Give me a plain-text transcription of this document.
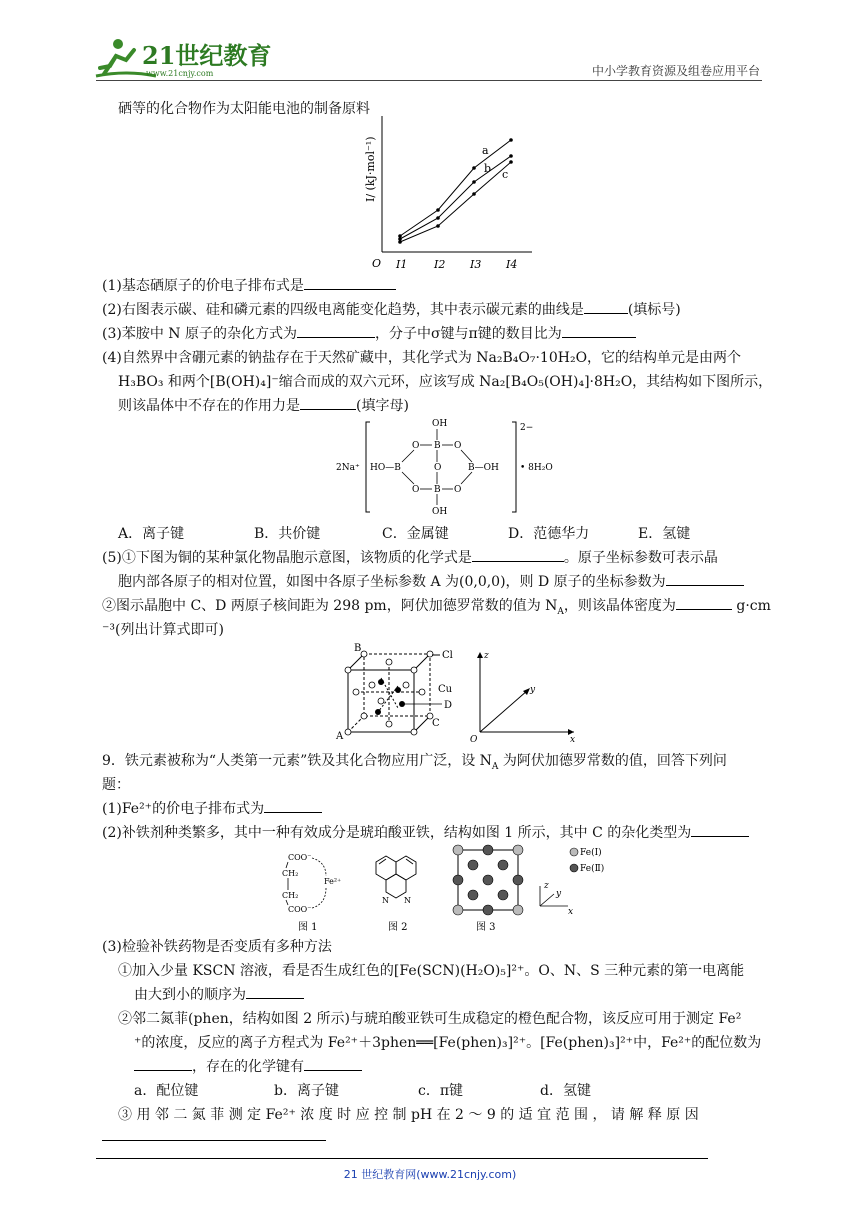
21世纪教育
www.21cnjy.com	中小学教育资源及组卷应用平台
硒等的化合物作为太阳能电池的制备原料
I/ (kJ·mol⁻¹)
O I1 I2 I3 I4
a
b c
(1)基态硒原子的价电子排布式是
(2)右图表示碳、硅和磷元素的四级电离能变化趋势，其中表示碳元素的曲线是	(填标号)
(3)苯胺中 N 原子的杂化方式为	，分子中σ键与π键的数目比为
(4)自然界中含硼元素的钠盐存在于天然矿藏中，其化学式为 Na₂B₄O₇·10H₂O，它的结构单元是由两个
H₃BO₃ 和两个[B(OH)₄]⁻缩合而成的双六元环，应该写成 Na₂[B₄O₅(OH)₄]·8H₂O，其结构如下图所示，
则该晶体中不存在的作用力是	(填字母)
2Na⁺
2−
• 8H₂O
OH
B
O	O
HO—B	O	B—OH
O	O
B
OH
A．离子键	B．共价键	C．金属键	D．范德华力	E．氢键
(5)①下图为铜的某种氯化物晶胞示意图，该物质的化学式是	。原子坐标参数可表示晶
胞内部各原子的相对位置，如图中各原子坐标参数 A 为(0,0,0)，则 D 原子的坐标参数为
②图示晶胞中 C、D 两原子核间距为 298 pm，阿伏加德罗常数的值为 $N_A$，则该晶体密度为	g·cm
⁻³(列出计算式即可)
B
Cl
Cu
D
A
C
z
y
x
O
9．铁元素被称为“人类第一元素”铁及其化合物应用广泛，设 $N_A$ 为阿伏加德罗常数的值，回答下列问
题：
(1)Fe²⁺的价电子排布式为
(2)补铁剂种类繁多，其中一种有效成分是琥珀酸亚铁，结构如图 1 所示，其中 C 的杂化类型为
COO⁻
CH₂
Fe²⁺
CH₂
COO⁻
图 1
N N
图 2
Fe(Ⅰ)
Fe(Ⅱ)
z
y
x
图 3
(3)检验补铁药物是否变质有多种方法
①加入少量 KSCN 溶液，看是否生成红色的[Fe(SCN)(H₂O)₅]²⁺。O、N、S 三种元素的第一电离能
由大到小的顺序为
②邻二氮菲(phen，结构如图 2 所示)与琥珀酸亚铁可生成稳定的橙色配合物，该反应可用于测定 Fe²
⁺的浓度，反应的离子方程式为 Fe²⁺＋3phen══[Fe(phen)₃]²⁺。[Fe(phen)₃]²⁺中，Fe²⁺的配位数为
，存在的化学键有
a．配位键	b．离子键	c．π键	d．氢键
③ 用 邻 二 氮 菲 测 定 Fe²⁺ 浓 度 时 应 控 制 pH 在 2 ～ 9 的 适 宜 范 围 ， 请 解 释 原 因
21 世纪教育网(www.21cnjy.com)
